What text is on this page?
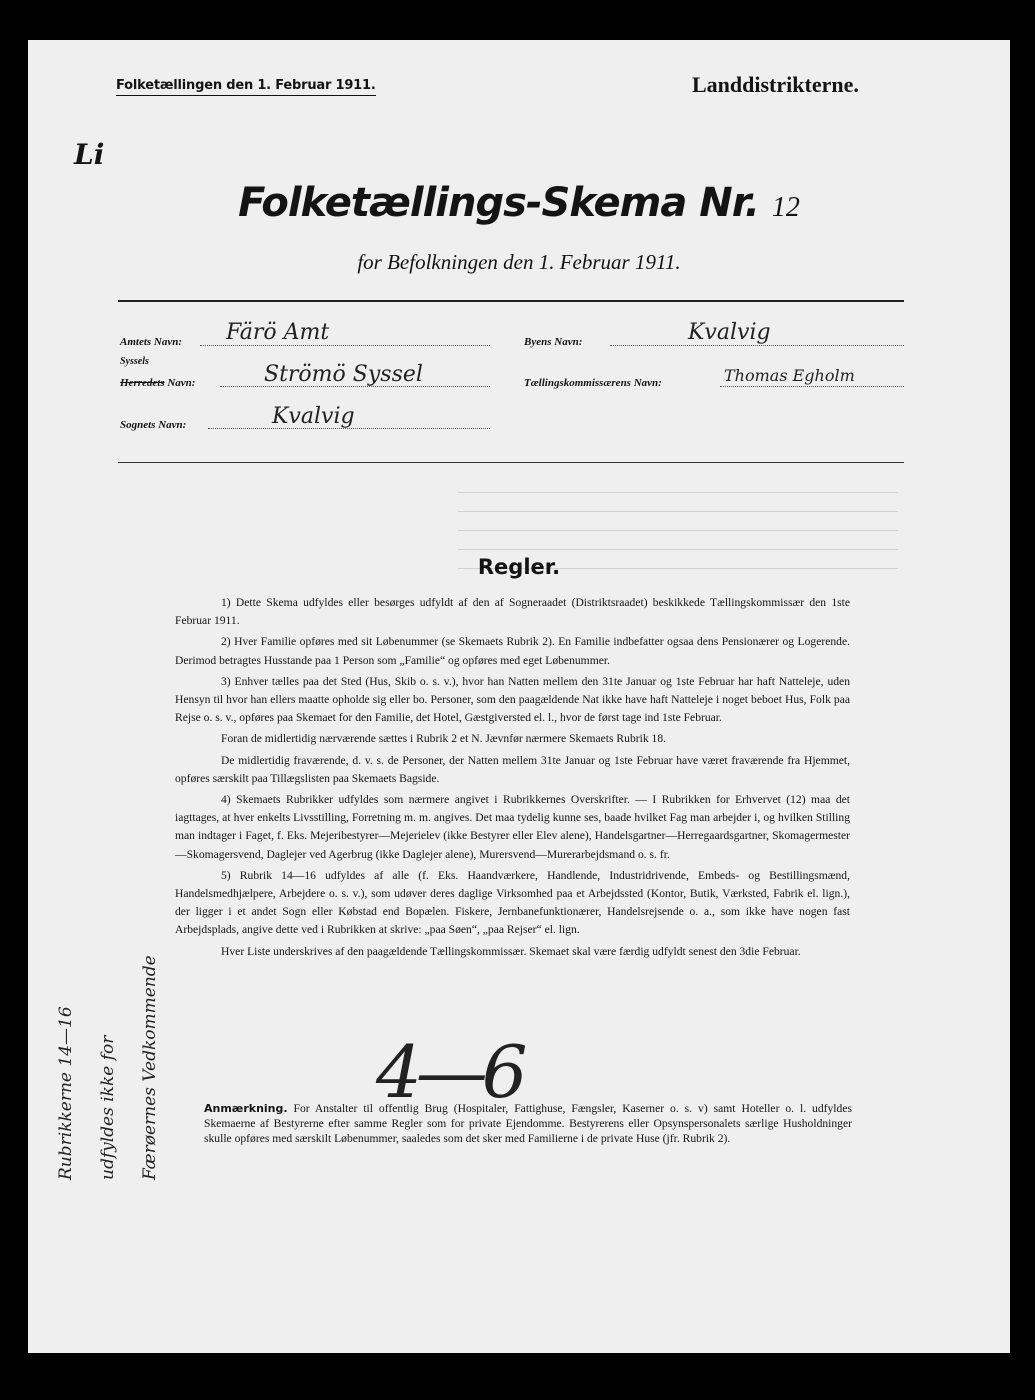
Folketællingen den 1. Februar 1911.	Landdistrikterne.
Li
Folketællings-Skema Nr. 12
for Befolkningen den 1. Februar 1911.
Amtets Navn: Färö Amt
Syssels
Herredets Navn:	Strömö Syssel
Sognets Navn:	Kvalvig
Byens Navn:	Kvalvig
Tællingskommissærens Navn:	Thomas Egholm
Regler.

1) Dette Skema udfyldes eller besørges udfyldt af den af Sogneraadet (Distriktsraadet) beskikkede Tællingskommissær den 1ste Februar 1911.

2) Hver Familie opføres med sit Løbenummer (se Skemaets Rubrik 2). En Familie indbefatter ogsaa dens Pensionærer og Logerende. Derimod betragtes Husstande paa 1 Person som „Familie“ og opføres med eget Løbenummer.

3) Enhver tælles paa det Sted (Hus, Skib o. s. v.), hvor han Natten mellem den 31te Januar og 1ste Februar har haft Natteleje, uden Hensyn til hvor han ellers maatte opholde sig eller bo. Personer, som den paagældende Nat ikke have haft Natteleje i noget beboet Hus, Folk paa Rejse o. s. v., opføres paa Skemaet for den Familie, det Hotel, Gæstgiversted el. l., hvor de først tage ind 1ste Februar.

Foran de midlertidig nærværende sættes i Rubrik 2 et N. Jævnfør nærmere Skemaets Rubrik 18.

De midlertidig fraværende, d. v. s. de Personer, der Natten mellem 31te Januar og 1ste Februar have været fraværende fra Hjemmet, opføres særskilt paa Tillægslisten paa Skemaets Bagside.

4) Skemaets Rubrikker udfyldes som nærmere angivet i Rubrikkernes Overskrifter. — I Rubrikken for Erhvervet (12) maa det iagttages, at hver enkelts Livsstilling, Forretning m. m. angives. Det maa tydelig kunne ses, baade hvilket Fag man arbejder i, og hvilken Stilling man indtager i Faget, f. Eks. Mejeribestyrer—Mejerielev (ikke Bestyrer eller Elev alene), Handelsgartner—Herregaardsgartner, Skomagermester—Skomagersvend, Daglejer ved Agerbrug (ikke Daglejer alene), Murersvend—Murerarbejdsmand o. s. fr.

5) Rubrik 14—16 udfyldes af alle (f. Eks. Haandværkere, Handlende, Industridrivende, Embeds- og Bestillingsmænd, Handelsmedhjælpere, Arbejdere o. s. v.), som udøver deres daglige Virksomhed paa et Arbejdssted (Kontor, Butik, Værksted, Fabrik el. lign.), der ligger i et andet Sogn eller Købstad end Bopælen. Fiskere, Jernbanefunktionærer, Handelsrejsende o. a., som ikke have nogen fast Arbejdsplads, angive dette ved i Rubrikken at skrive: „paa Søen“, „paa Rejser“ el. lign.

Hver Liste underskrives af den paagældende Tællingskommissær. Skemaet skal være færdig udfyldt senest den 3die Februar.

4—6
Anmærkning. For Anstalter til offentlig Brug (Hospitaler, Fattighuse, Fængsler, Kaserner o. s. v) samt Hoteller o. l. udfyldes Skemaerne af Bestyrerne efter samme Regler som for private Ejendomme. Bestyrerens eller Opsynspersonalets særlige Husholdninger skulle opføres med særskilt Løbenummer, saaledes som det sker med Familierne i de private Huse (jfr. Rubrik 2).
Rubrikkerne 14—16 udfyldes ikke for Færøernes Vedkommende
